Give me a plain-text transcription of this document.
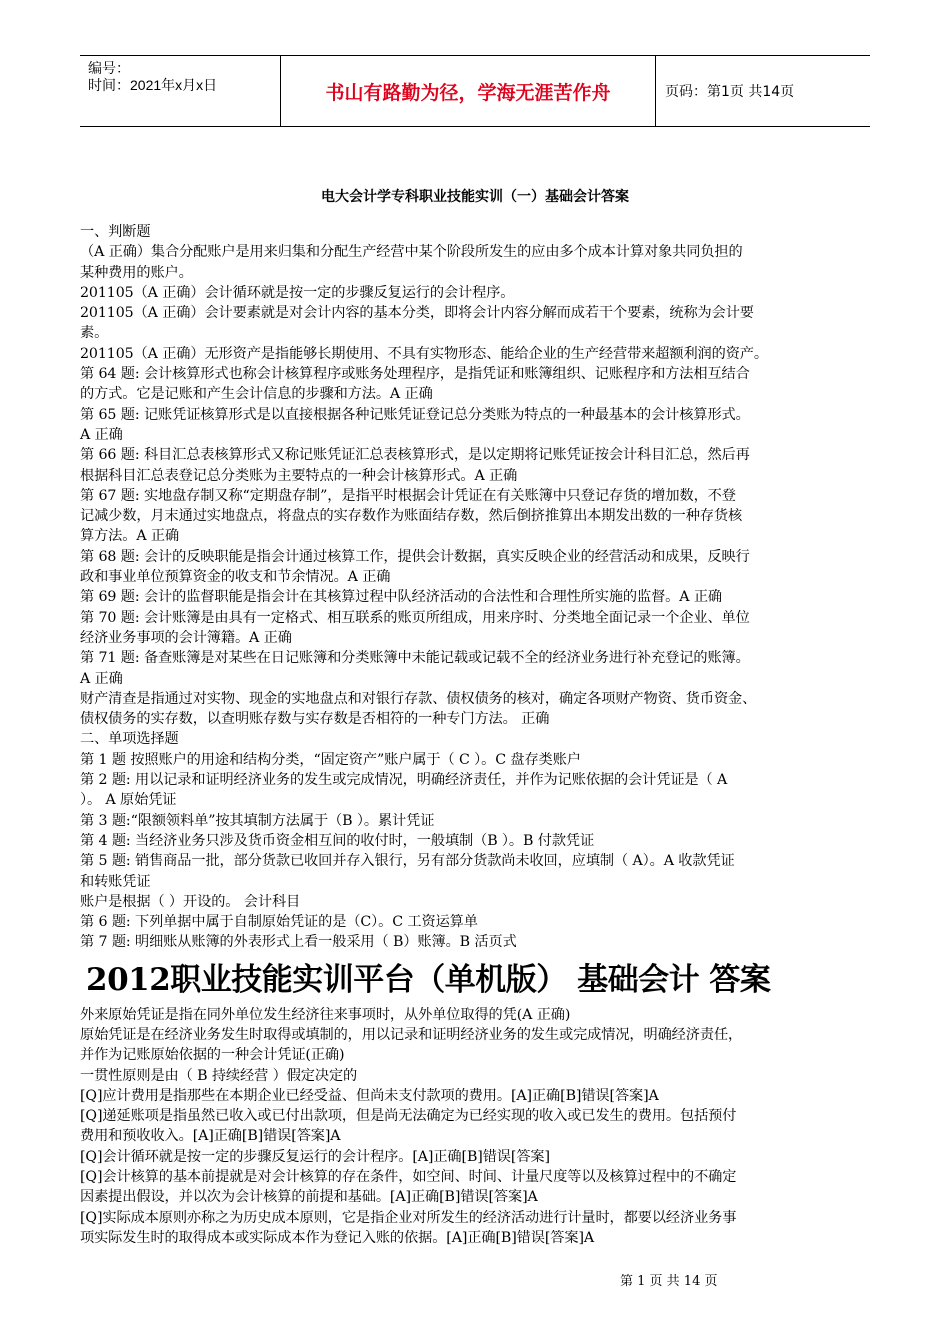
编号：
时间：2021年x月x日	书山有路勤为径，学海无涯苦作舟	页码：第1页 共14页
电大会计学专科职业技能实训（一）基础会计答案

一、判断题

（A 正确）集合分配账户是用来归集和分配生产经营中某个阶段所发生的应由多个成本计算对象共同负担的

某种费用的账户。

201105（A 正确）会计循环就是按一定的步骤反复运行的会计程序。

201105（A 正确）会计要素就是对会计内容的基本分类，即将会计内容分解而成若干个要素，统称为会计要

素。

201105（A 正确）无形资产是指能够长期使用、不具有实物形态、能给企业的生产经营带来超额利润的资产。

第 64 题: 会计核算形式也称会计核算程序或账务处理程序，是指凭证和账簿组织、记账程序和方法相互结合

的方式。它是记账和产生会计信息的步骤和方法。A 正确

第 65 题: 记账凭证核算形式是以直接根据各种记账凭证登记总分类账为特点的一种最基本的会计核算形式。

A 正确

第 66 题: 科目汇总表核算形式又称记账凭证汇总表核算形式，是以定期将记账凭证按会计科目汇总，然后再

根据科目汇总表登记总分类账为主要特点的一种会计核算形式。A 正确

第 67 题: 实地盘存制又称“定期盘存制”，是指平时根据会计凭证在有关账簿中只登记存货的增加数，不登

记减少数，月末通过实地盘点，将盘点的实存数作为账面结存数，然后倒挤推算出本期发出数的一种存货核

算方法。A 正确

第 68 题: 会计的反映职能是指会计通过核算工作，提供会计数据，真实反映企业的经营活动和成果，反映行

政和事业单位预算资金的收支和节余情况。A 正确

第 69 题: 会计的监督职能是指会计在其核算过程中队经济活动的合法性和合理性所实施的监督。A 正确

第 70 题: 会计账簿是由具有一定格式、相互联系的账页所组成，用来序时、分类地全面记录一个企业、单位

经济业务事项的会计簿籍。A 正确

第 71 题: 备查账簿是对某些在日记账簿和分类账簿中未能记载或记载不全的经济业务进行补充登记的账簿。

A 正确

财产清查是指通过对实物、现金的实地盘点和对银行存款、债权债务的核对，确定各项财产物资、货币资金、

债权债务的实存数，以查明账存数与实存数是否相符的一种专门方法。 正确

二、单项选择题

第 1 题 按照账户的用途和结构分类，“固定资产”账户属于（ C ）。C 盘存类账户

第 2 题: 用以记录和证明经济业务的发生或完成情况，明确经济责任，并作为记账依据的会计凭证是（ A

）。 A 原始凭证

第 3 题:“限额领料单”按其填制方法属于（B ）。累计凭证

第 4 题: 当经济业务只涉及货币资金相互间的收付时，一般填制（B ）。B 付款凭证

第 5 题: 销售商品一批，部分货款已收回并存入银行，另有部分货款尚未收回，应填制（ A）。A 收款凭证

和转账凭证

账户是根据（ ）开设的。 会计科目

第 6 题: 下列单据中属于自制原始凭证的是（C）。C 工资运算单

第 7 题: 明细账从账簿的外表形式上看一般采用（ B）账簿。B 活页式

2012职业技能实训平台（单机版） 基础会计 答案

外来原始凭证是指在同外单位发生经济往来事项时，从外单位取得的凭(A 正确)

原始凭证是在经济业务发生时取得或填制的，用以记录和证明经济业务的发生或完成情况，明确经济责任，

并作为记账原始依据的一种会计凭证(正确)

一贯性原则是由（ B 持续经营 ）假定决定的

[Q]应计费用是指那些在本期企业已经受益、但尚未支付款项的费用。[A]正确[B]错误[答案]A

[Q]递延账项是指虽然已收入或已付出款项，但是尚无法确定为已经实现的收入或已发生的费用。包括预付

费用和预收收入。[A]正确[B]错误[答案]A

[Q]会计循环就是按一定的步骤反复运行的会计程序。[A]正确[B]错误[答案]

[Q]会计核算的基本前提就是对会计核算的存在条件，如空间、时间、计量尺度等以及核算过程中的不确定

因素提出假设，并以次为会计核算的前提和基础。[A]正确[B]错误[答案]A

[Q]实际成本原则亦称之为历史成本原则，它是指企业对所发生的经济活动进行计量时，都要以经济业务事

项实际发生时的取得成本或实际成本作为登记入账的依据。[A]正确[B]错误[答案]A

第 1 页 共 14 页
